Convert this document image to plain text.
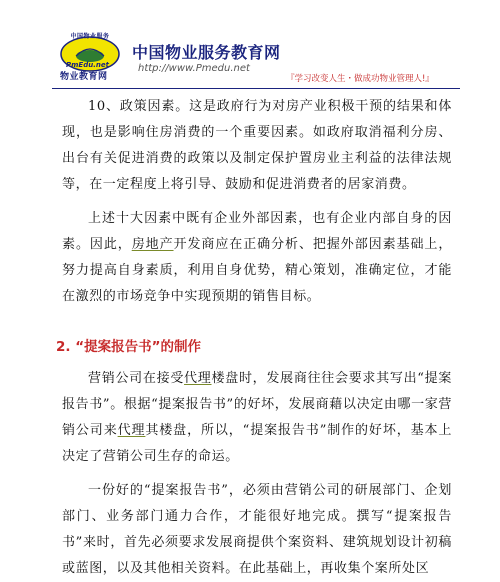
中国物业服务
PmEdu.net
物业教育网
中国物业服务教育网
http://www.Pmedu.net
『学习改变人生・做成功物业管理人!』

10、政策因素。这是政府行为对房产业积极干预的结果和体现，也是影响住房消费的一个重要因素。如政府取消福利分房、出台有关促进消费的政策以及制定保护置房业主利益的法律法规等，在一定程度上将引导、鼓励和促进消费者的居家消费。

上述十大因素中既有企业外部因素，也有企业内部自身的因素。因此，房地产开发商应在正确分析、把握外部因素基础上，努力提高自身素质，利用自身优势，精心策划，准确定位，才能在激烈的市场竞争中实现预期的销售目标。

2. “提案报告书”的制作

营销公司在接受代理楼盘时，发展商往往会要求其写出“提案报告书”。根据“提案报告书”的好坏，发展商藉以决定由哪一家营销公司来代理其楼盘，所以，“提案报告书”制作的好坏，基本上决定了营销公司生存的命运。

一份好的“提案报告书”，必须由营销公司的研展部门、企划部门、业务部门通力合作，才能很好地完成。撰写“提案报告书”来时，首先必须要求发展商提供个案资料、建筑规划设计初稿或蓝图，以及其他相关资料。在此基础上，再收集个案所处区
